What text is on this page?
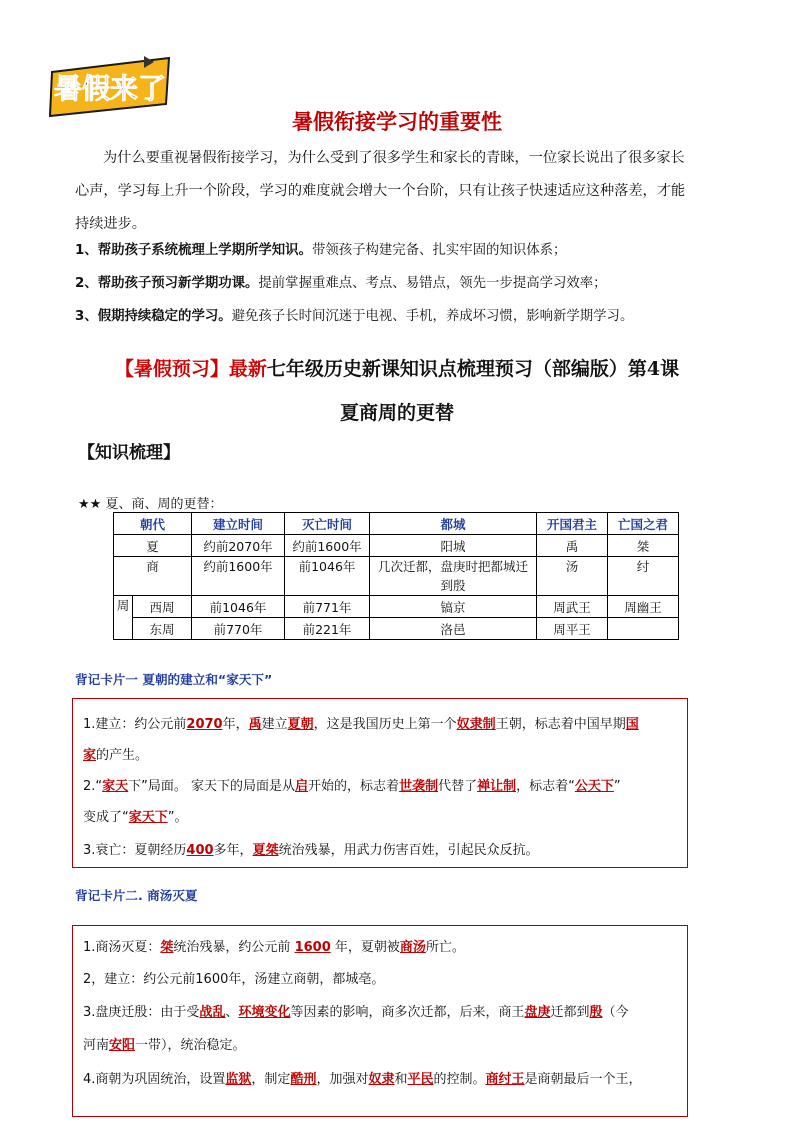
暑假来了
暑假衔接学习的重要性
为什么要重视暑假衔接学习，为什么受到了很多学生和家长的青睐，一位家长说出了很多家长
心声，学习每上升一个阶段，学习的难度就会增大一个台阶，只有让孩子快速适应这种落差，才能
持续进步。
1、帮助孩子系统梳理上学期所学知识。带领孩子构建完备、扎实牢固的知识体系；
2、帮助孩子预习新学期功课。提前掌握重难点、考点、易错点，领先一步提高学习效率；
3、假期持续稳定的学习。避免孩子长时间沉迷于电视、手机，养成坏习惯，影响新学期学习。
【暑假预习】最新七年级历史新课知识点梳理预习（部编版）第4课
夏商周的更替
【知识梳理】
★★ 夏、商、周的更替：
朝代		建立时间	灭亡时间	都城	开国君主	亡国之君
夏		约前2070年	约前1600年	阳城	禹	桀
商		约前1600年	前1046年	几次迁都，盘庚时把都城迁到殷	汤	纣
周	西周	前1046年	前771年	镐京	周武王	周幽王
	东周	前770年	前221年	洛邑	周平王	
背记卡片一 夏朝的建立和“家天下”
1.建立：约公元前2070年，禹建立夏朝，这是我国历史上第一个奴隶制王朝，标志着中国早期国
家的产生。
2.“家天下”局面。 家天下的局面是从启开始的，标志着世袭制代替了禅让制，标志着“公天下”
变成了“家天下”。
3.衰亡：夏朝经历400多年，夏桀统治残暴，用武力伤害百姓，引起民众反抗。
背记卡片二. 商汤灭夏
1.商汤灭夏：桀统治残暴，约公元前 1600 年，夏朝被商汤所亡。
2，建立：约公元前1600年，汤建立商朝，都城亳。
3.盘庚迁殷：由于受战乱、环境变化等因素的影响，商多次迁都，后来，商王盘庚迁都到殷（今
河南安阳一带），统治稳定。
4.商朝为巩固统治，设置监狱，制定酷刑，加强对奴隶和平民的控制。商纣王是商朝最后一个王，
